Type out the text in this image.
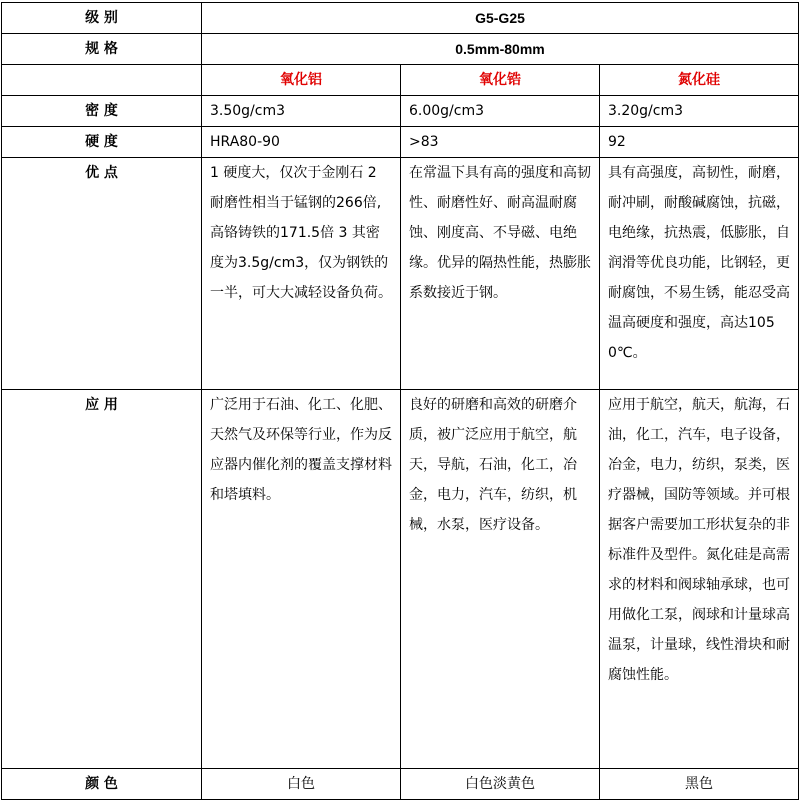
级 别	G5-G25		
规 格	0.5mm-80mm		
	氧化铝	氧化锆	氮化硅
密 度	3.50g/cm3	6.00g/cm3	3.20g/cm3
硬 度	HRA80-90	>83	92
优 点	1 硬度大，仅次于金刚石 2 耐磨性相当于锰钢的266倍,高铬铸铁的171.5倍 3 其密度为3.5g/cm3，仅为钢铁的一半，可大大减轻设备负荷。	在常温下具有高的强度和高韧性、耐磨性好、耐高温耐腐蚀、刚度高、不导磁、电绝缘。优异的隔热性能，热膨胀系数接近于钢。	具有高强度，高韧性，耐磨，耐冲刷，耐酸碱腐蚀，抗磁，电绝缘，抗热震，低膨胀，自润滑等优良功能，比钢轻，更耐腐蚀，不易生锈，能忍受高温高硬度和强度，高达1050℃。
应 用	广泛用于石油、化工、化肥、天然气及环保等行业，作为反应器内催化剂的覆盖支撑材料和塔填料。	良好的研磨和高效的研磨介质，被广泛应用于航空，航天，导航，石油，化工，冶金，电力，汽车，纺织，机械，水泵，医疗设备。	应用于航空，航天，航海，石油，化工，汽车，电子设备，冶金，电力，纺织，泵类，医疗器械，国防等领域。并可根据客户需要加工形状复杂的非标准件及型件。氮化硅是高需求的材料和阀球轴承球，也可用做化工泵，阀球和计量球高温泵，计量球，线性滑块和耐腐蚀性能。
颜 色	白色	白色淡黄色	黑色
